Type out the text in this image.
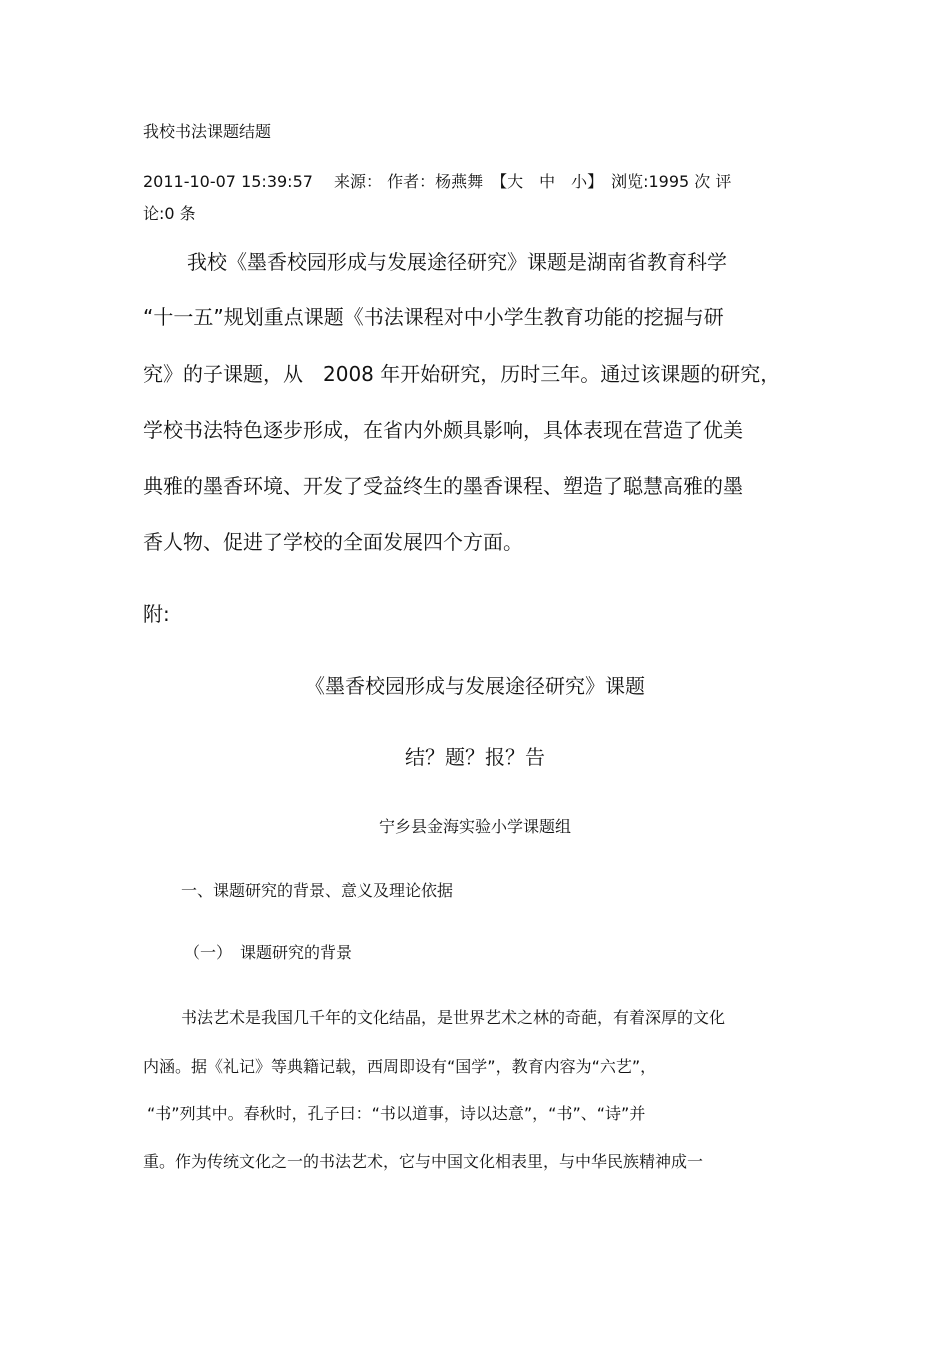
我校书法课题结题
2011-10-07 15:39:57　 来源： 作者：杨燕舞　【大　中　小】　浏览:1995 次 评
论:0 条
我校《墨香校园形成与发展途径研究》课题是湖南省教育科学
“十一五”规划重点课题《书法课程对中小学生教育功能的挖掘与研
究》的子课题，从　2008 年开始研究，历时三年。通过该课题的研究，
学校书法特色逐步形成，在省内外颇具影响，具体表现在营造了优美
典雅的墨香环境、开发了受益终生的墨香课程、塑造了聪慧高雅的墨
香人物、促进了学校的全面发展四个方面。
附:
《墨香校园形成与发展途径研究》课题
结？题？报？告
宁乡县金海实验小学课题组
一、课题研究的背景、意义及理论依据
（一）　课题研究的背景
书法艺术是我国几千年的文化结晶，是世界艺术之林的奇葩，有着深厚的文化
内涵。据《礼记》等典籍记载，西周即设有“国学”，教育内容为“六艺”，
“书”列其中。春秋时，孔子曰：“书以道事，诗以达意”，“书”、“诗”并
重。作为传统文化之一的书法艺术，它与中国文化相表里，与中华民族精神成一
